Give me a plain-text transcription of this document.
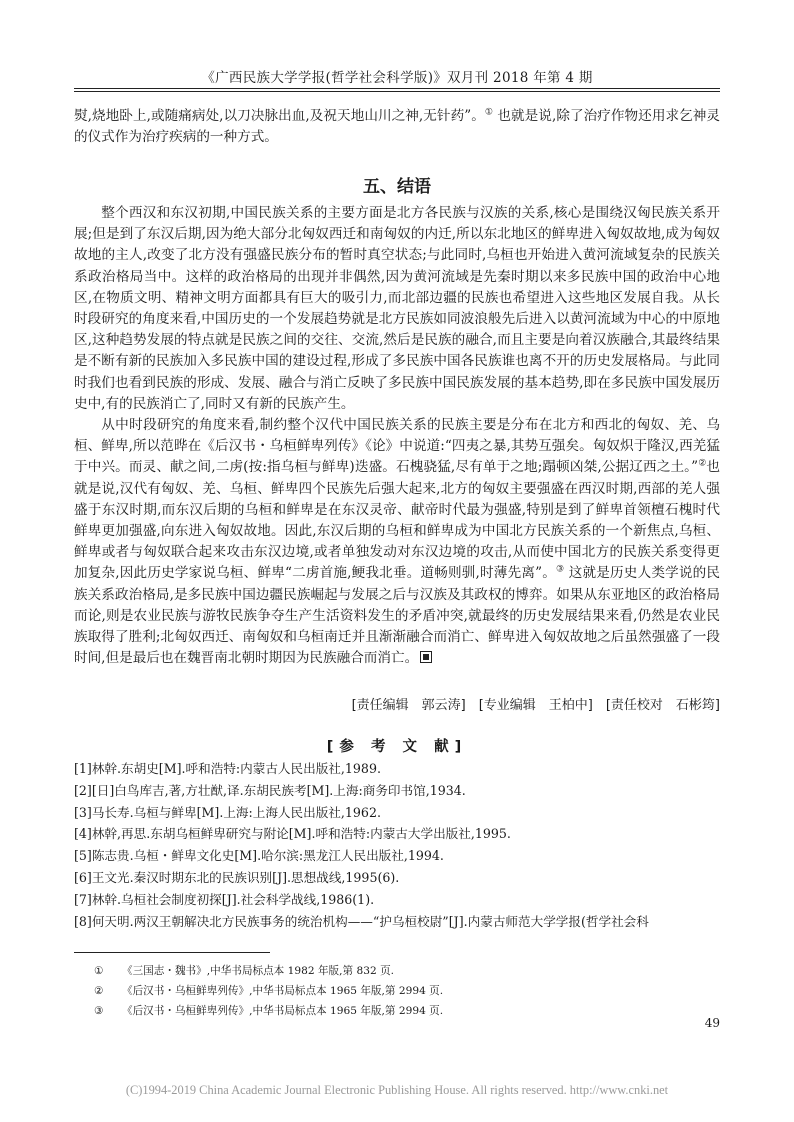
《广西民族大学学报(哲学社会科学版)》双月刊 2018 年第 4 期

熨,烧地卧上,或随痛病处,以刀决脉出血,及祝天地山川之神,无针药”。① 也就是说,除了治疗作物还用求乞神灵的仪式作为治疗疾病的一种方式。

五、结语

整个西汉和东汉初期,中国民族关系的主要方面是北方各民族与汉族的关系,核心是围绕汉匈民族关系开展;但是到了东汉后期,因为绝大部分北匈奴西迁和南匈奴的内迁,所以东北地区的鲜卑进入匈奴故地,成为匈奴故地的主人,改变了北方没有强盛民族分布的暂时真空状态;与此同时,乌桓也开始进入黄河流域复杂的民族关系政治格局当中。这样的政治格局的出现并非偶然,因为黄河流域是先秦时期以来多民族中国的政治中心地区,在物质文明、精神文明方面都具有巨大的吸引力,而北部边疆的民族也希望进入这些地区发展自我。从长时段研究的角度来看,中国历史的一个发展趋势就是北方民族如同波浪般先后进入以黄河流域为中心的中原地区,这种趋势发展的特点就是民族之间的交往、交流,然后是民族的融合,而且主要是向着汉族融合,其最终结果是不断有新的民族加入多民族中国的建设过程,形成了多民族中国各民族谁也离不开的历史发展格局。与此同时我们也看到民族的形成、发展、融合与消亡反映了多民族中国民族发展的基本趋势,即在多民族中国发展历史中,有的民族消亡了,同时又有新的民族产生。

从中时段研究的角度来看,制约整个汉代中国民族关系的民族主要是分布在北方和西北的匈奴、羌、乌桓、鲜卑,所以范晔在《后汉书・乌桓鲜卑列传》《论》中说道:“四夷之暴,其势互强矣。匈奴炽于隆汉,西羌猛于中兴。而灵、献之间,二虏(按:指乌桓与鲜卑)迭盛。石槐骁猛,尽有单于之地;蹋顿凶桀,公据辽西之土。”②也就是说,汉代有匈奴、羌、乌桓、鲜卑四个民族先后强大起来,北方的匈奴主要强盛在西汉时期,西部的羌人强盛于东汉时期,而东汉后期的乌桓和鲜卑是在东汉灵帝、献帝时代最为强盛,特别是到了鲜卑首领檀石槐时代鲜卑更加强盛,向东进入匈奴故地。因此,东汉后期的乌桓和鲜卑成为中国北方民族关系的一个新焦点,乌桓、鲜卑或者与匈奴联合起来攻击东汉边境,或者单独发动对东汉边境的攻击,从而使中国北方的民族关系变得更加复杂,因此历史学家说乌桓、鲜卑“二虏首施,鲠我北垂。道畅则驯,时薄先离”。③ 这就是历史人类学说的民族关系政治格局,是多民族中国边疆民族崛起与发展之后与汉族及其政权的博弈。如果从东亚地区的政治格局而论,则是农业民族与游牧民族争夺生产生活资料发生的矛盾冲突,就最终的历史发展结果来看,仍然是农业民族取得了胜利;北匈奴西迁、南匈奴和乌桓南迁并且渐渐融合而消亡、鲜卑进入匈奴故地之后虽然强盛了一段时间,但是最后也在魏晋南北朝时期因为民族融合而消亡。

[责任编辑　郭云涛]　[专业编辑　王柏中]　[责任校对　石彬筠]
[参 考 文 献]
[1]林幹.东胡史[M].呼和浩特:内蒙古人民出版社,1989.
[2][日]白鸟库吉,著,方壮猷,译.东胡民族考[M].上海:商务印书馆,1934.
[3]马长寿.乌桓与鲜卑[M].上海:上海人民出版社,1962.
[4]林幹,再思.东胡乌桓鲜卑研究与附论[M].呼和浩特:内蒙古大学出版社,1995.
[5]陈志贵.乌桓・鲜卑文化史[M].哈尔滨:黑龙江人民出版社,1994.
[6]王文光.秦汉时期东北的民族识别[J].思想战线,1995(6).
[7]林幹.乌桓社会制度初探[J].社会科学战线,1986(1).
[8]何天明.两汉王朝解决北方民族事务的统治机构——“护乌桓校尉”[J].内蒙古师范大学学报(哲学社会科
① 《三国志・魏书》,中华书局标点本 1982 年版,第 832 页.
② 《后汉书・乌桓鲜卑列传》,中华书局标点本 1965 年版,第 2994 页.
③ 《后汉书・乌桓鲜卑列传》,中华书局标点本 1965 年版,第 2994 页.
49
(C)1994-2019 China Academic Journal Electronic Publishing House. All rights reserved. http://www.cnki.net
